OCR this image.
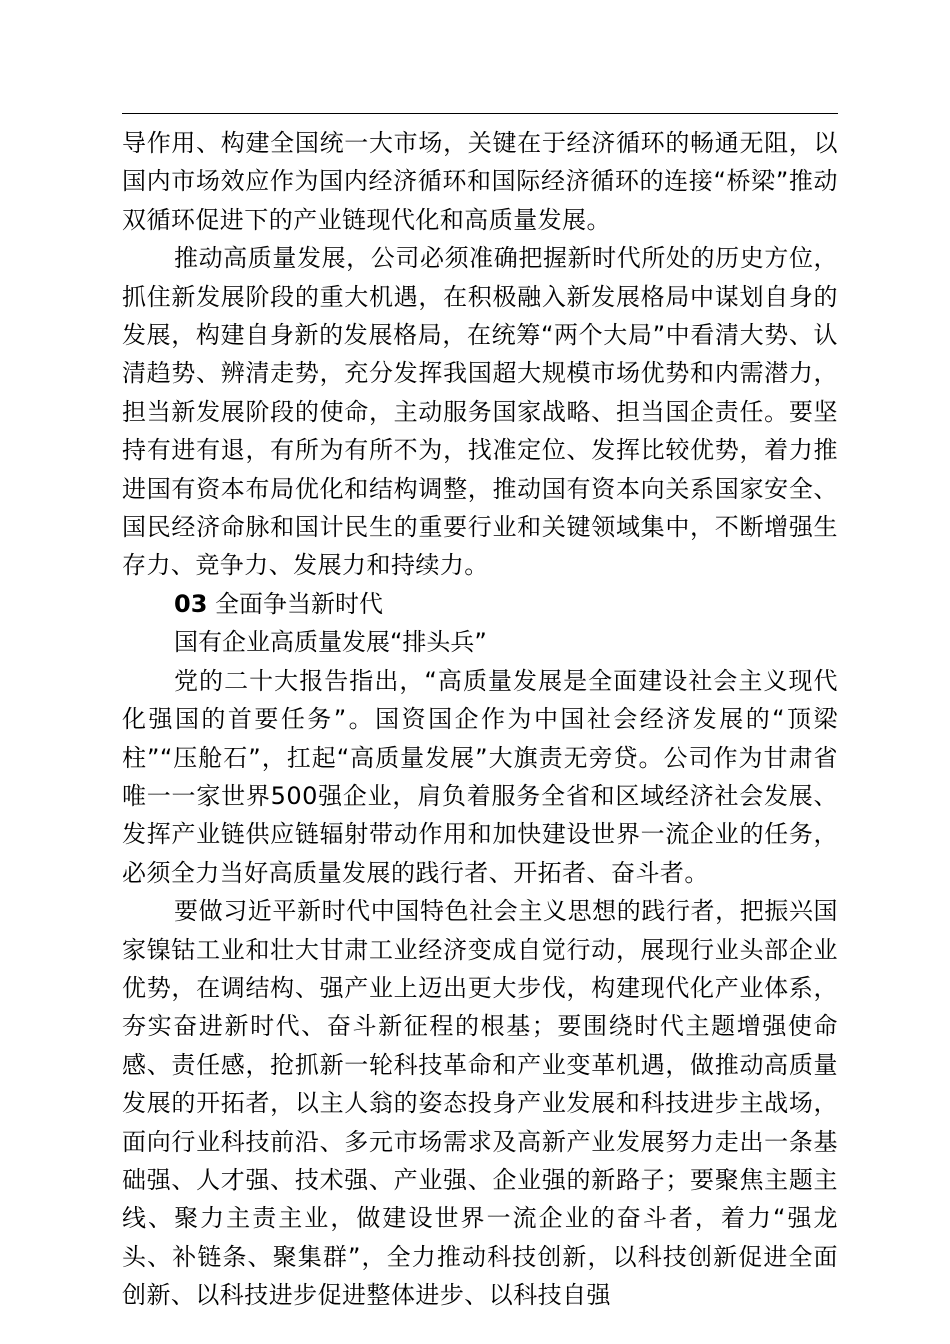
导作用、构建全国统一大市场，关键在于经济循环的畅通无阻，以国内市场效应作为国内经济循环和国际经济循环的连接“桥梁”推动双循环促进下的产业链现代化和高质量发展。

推动高质量发展，公司必须准确把握新时代所处的历史方位，抓住新发展阶段的重大机遇，在积极融入新发展格局中谋划自身的发展，构建自身新的发展格局，在统筹“两个大局”中看清大势、认清趋势、辨清走势，充分发挥我国超大规模市场优势和内需潜力，担当新发展阶段的使命，主动服务国家战略、担当国企责任。要坚持有进有退，有所为有所不为，找准定位、发挥比较优势，着力推进国有资本布局优化和结构调整，推动国有资本向关系国家安全、国民经济命脉和国计民生的重要行业和关键领域集中，不断增强生存力、竞争力、发展力和持续力。

03 全面争当新时代

国有企业高质量发展“排头兵”

党的二十大报告指出，“高质量发展是全面建设社会主义现代化强国的首要任务”。国资国企作为中国社会经济发展的“顶梁柱”“压舱石”，扛起“高质量发展”大旗责无旁贷。公司作为甘肃省唯一一家世界500强企业，肩负着服务全省和区域经济社会发展、发挥产业链供应链辐射带动作用和加快建设世界一流企业的任务，必须全力当好高质量发展的践行者、开拓者、奋斗者。

要做习近平新时代中国特色社会主义思想的践行者，把振兴国家镍钴工业和壮大甘肃工业经济变成自觉行动，展现行业头部企业优势，在调结构、强产业上迈出更大步伐，构建现代化产业体系，夯实奋进新时代、奋斗新征程的根基；要围绕时代主题增强使命感、责任感，抢抓新一轮科技革命和产业变革机遇，做推动高质量发展的开拓者，以主人翁的姿态投身产业发展和科技进步主战场，面向行业科技前沿、多元市场需求及高新产业发展努力走出一条基础强、人才强、技术强、产业强、企业强的新路子；要聚焦主题主线、聚力主责主业，做建设世界一流企业的奋斗者，着力“强龙头、补链条、聚集群”，全力推动科技创新，以科技创新促进全面创新、以科技进步促进整体进步、以科技自强
